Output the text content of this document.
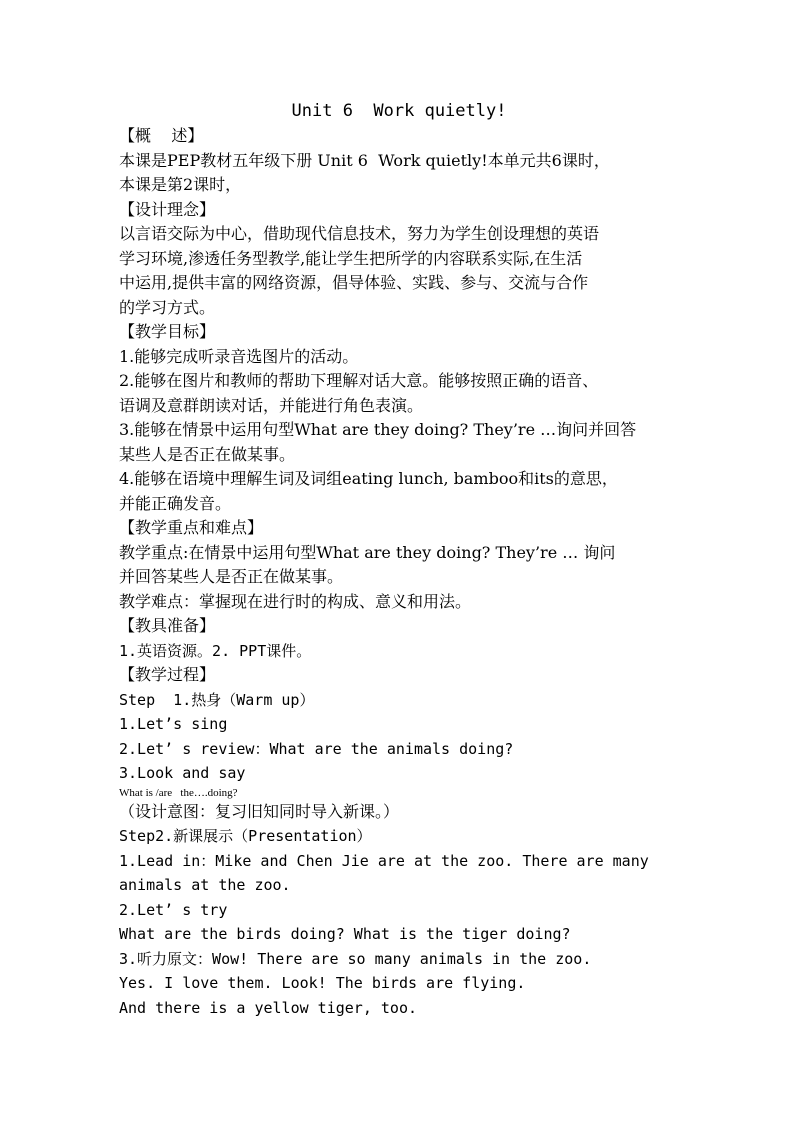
Unit 6  Work quietly!

【概    述】

本课是PEP教材五年级下册 Unit 6  Work quietly!本单元共6课时，

本课是第2课时，

【设计理念】

以言语交际为中心，借助现代信息技术，努力为学生创设理想的英语

学习环境,渗透任务型教学,能让学生把所学的内容联系实际,在生活

中运用,提供丰富的网络资源，倡导体验、实践、参与、交流与合作

的学习方式。

【教学目标】

1.能够完成听录音选图片的活动。

2.能够在图片和教师的帮助下理解对话大意。能够按照正确的语音、

语调及意群朗读对话，并能进行角色表演。

3.能够在情景中运用句型What are they doing? They’re …询问并回答

某些人是否正在做某事。

4.能够在语境中理解生词及词组eating lunch, bamboo和its的意思，

并能正确发音。

【教学重点和难点】

教学重点:在情景中运用句型What are they doing? They’re … 询问

并回答某些人是否正在做某事。

教学难点：掌握现在进行时的构成、意义和用法。

【教具准备】

1.英语资源。2. PPT课件。

【教学过程】

Step  1.热身（Warm up）

1.Let’s sing

2.Let’ s review：What are the animals doing?

3.Look and say

What is /are   the….doing?

（设计意图：复习旧知同时导入新课。）

Step2.新课展示（Presentation）

1.Lead in：Mike and Chen Jie are at the zoo. There are many

animals at the zoo.

2.Let’ s try

What are the birds doing? What is the tiger doing?

3.听力原文：Wow! There are so many animals in the zoo.

Yes. I love them. Look! The birds are flying.

And there is a yellow tiger, too.
